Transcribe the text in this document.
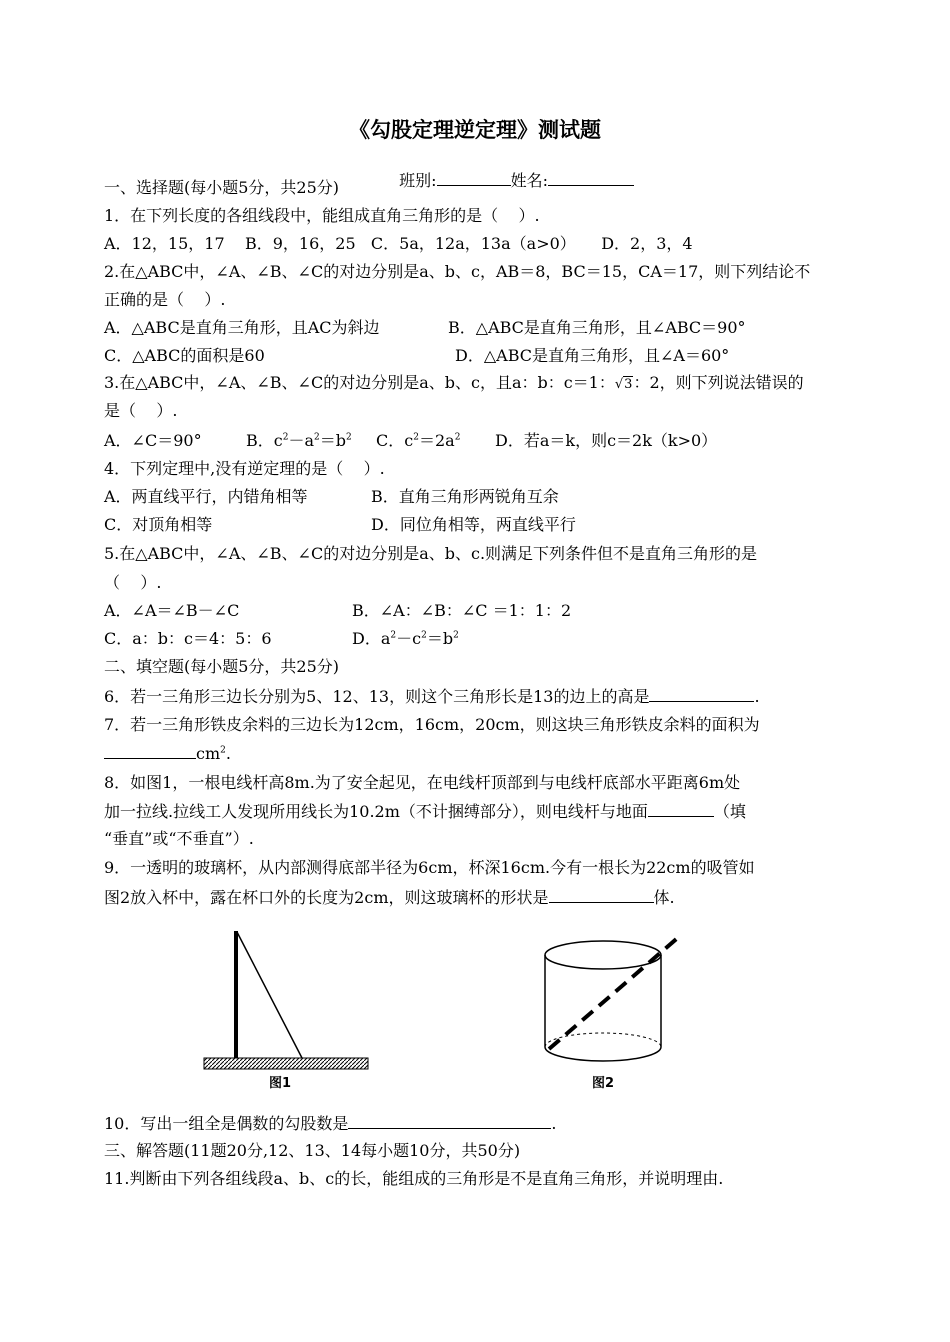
《勾股定理逆定理》测试题

班别:	姓名:

一、选择题(每小题5分，共25分)
1．在下列长度的各组线段中，能组成直角三角形的是（    ）.
A．12，15，17    B．9，16，25   C．5a，12a，13a（a>0）     D．2，3，4
2.在△ABC中，∠A、∠B、∠C的对边分别是a、b、c，AB＝8，BC＝15，CA＝17，则下列结论不
正确的是（    ）.
A．△ABC是直角三角形，且AC为斜边	B．△ABC是直角三角形，且∠ABC＝90°
C．△ABC的面积是60	D．△ABC是直角三角形，且∠A＝60°
3.在△ABC中，∠A、∠B、∠C的对边分别是a、b、c，且a：b：c＝1：√3：2，则下列说法错误的
是（    ）.
A．∠C＝90°	B．$c^2-a^2=b^2$ C．$c^2=2a^2$ D．若a＝k，则c＝2k（k>0）
4．下列定理中,没有逆定理的是（    ）.
A．两直线平行，内错角相等	B．直角三角形两锐角互余
C．对顶角相等	D．同位角相等，两直线平行
5.在△ABC中，∠A、∠B、∠C的对边分别是a、b、c.则满足下列条件但不是直角三角形的是
（    ）.
A．∠A＝∠B－∠C	B．∠A：∠B：∠C ＝1：1：2
C．a：b：c＝4：5：6	D．$a^2-c^2=b^2$
二、填空题(每小题5分，共25分)
6．若一三角形三边长分别为5、12、13，则这个三角形长是13的边上的高是	.
7．若一三角形铁皮余料的三边长为12cm，16cm，20cm，则这块三角形铁皮余料的面积为
$cm^2$.
8．如图1，一根电线杆高8m.为了安全起见，在电线杆顶部到与电线杆底部水平距离6m处
加一拉线.拉线工人发现所用线长为10.2m（不计捆缚部分），则电线杆与地面	（填
“垂直”或“不垂直”）.
9．一透明的玻璃杯，从内部测得底部半径为6cm，杯深16cm.今有一根长为22cm的吸管如
图2放入杯中，露在杯口外的长度为2cm，则这玻璃杯的形状是	体.
图1	图2
10．写出一组全是偶数的勾股数是	.
三、解答题(11题20分,12、13、14每小题10分，共50分)
11.判断由下列各组线段a、b、c的长，能组成的三角形是不是直角三角形，并说明理由.
